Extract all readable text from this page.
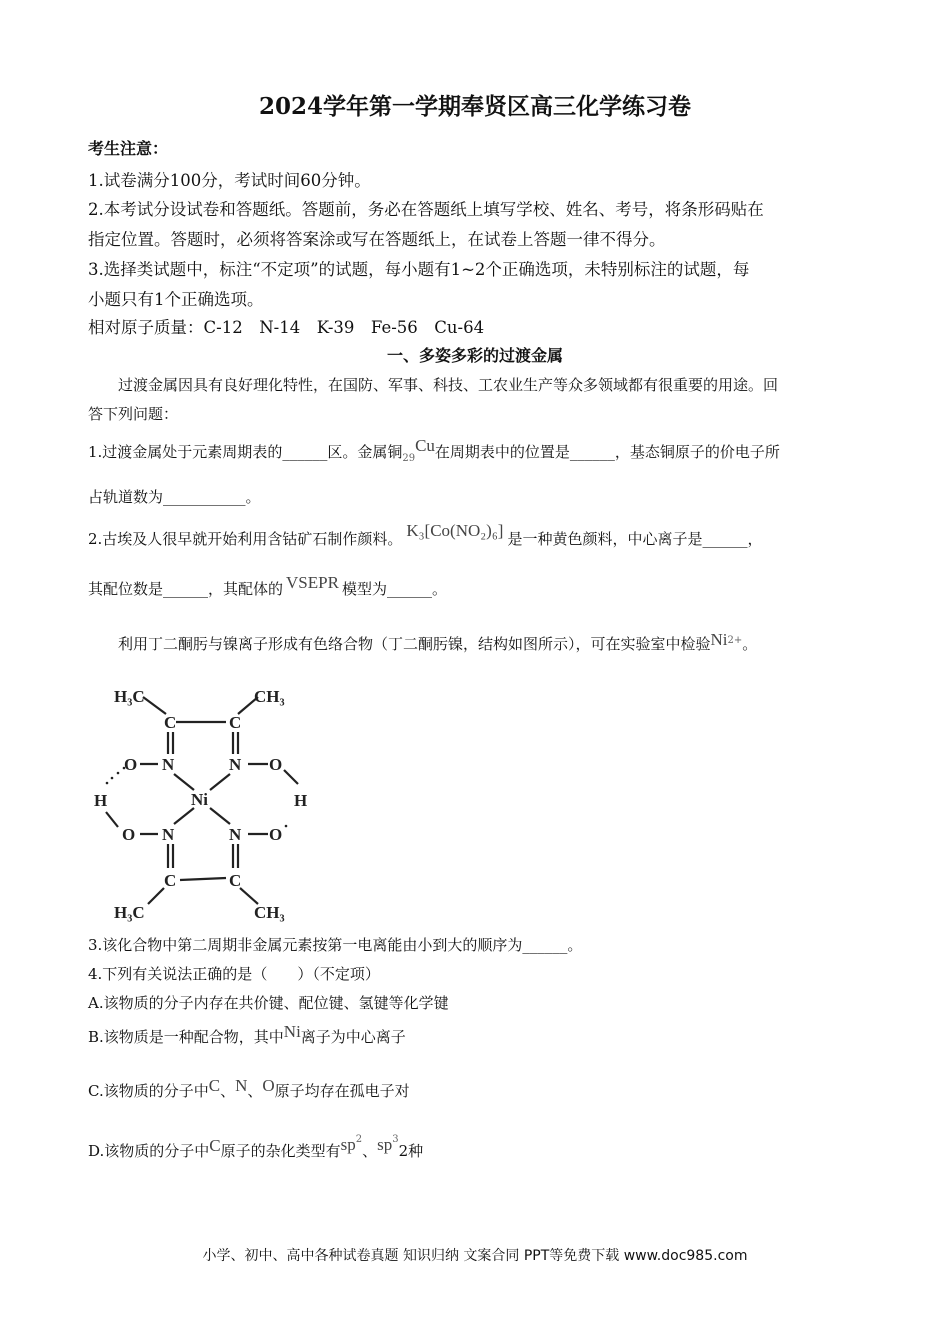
2024学年第一学期奉贤区高三化学练习卷
考生注意：
1.试卷满分100分，考试时间60分钟。
2.本考试分设试卷和答题纸。答题前，务必在答题纸上填写学校、姓名、考号，将条形码贴在
指定位置。答题时，必须将答案涂或写在答题纸上，在试卷上答题一律不得分。
3.选择类试题中，标注“不定项”的试题，每小题有1~2个正确选项，未特别标注的试题，每
小题只有1个正确选项。
相对原子质量：C-12　N-14　K-39　Fe-56　Cu-64
一、多姿多彩的过渡金属
过渡金属因具有良好理化特性，在国防、军事、科技、工农业生产等众多领域都有很重要的用途。回
答下列问题：
1.过渡金属处于元素周期表的______区。金属铜$_{29}$Cu在周期表中的位置是______，基态铜原子的价电子所
占轨道数为___________。
2.古埃及人很早就开始利用含钴矿石制作颜料。 K₃[Co(NO₂)₆] 是一种黄色颜料，中心离子是______，
其配位数是______，其配体的 VSEPR 模型为______。
利用丁二酮肟与镍离子形成有色络合物（丁二酮肟镍，结构如图所示），可在实验室中检验$Ni^{2+}$。
H₃C	CH₃
C	C
O N	N O
H	Ni	H
O N	N O
C	C
H₃C	CH₃
3.该化合物中第二周期非金属元素按第一电离能由小到大的顺序为______。
4.下列有关说法正确的是（　　）（不定项）
A.该物质的分子内存在共价键、配位键、氢键等化学键
B.该物质是一种配合物，其中Ni离子为中心离子
C.该物质的分子中C、N、O原子均存在孤电子对
D.该物质的分子中C原子的杂化类型有$sp^2$、$sp^32$种
小学、初中、高中各种试卷真题 知识归纳 文案合同 PPT等免费下载 www.doc985.com
